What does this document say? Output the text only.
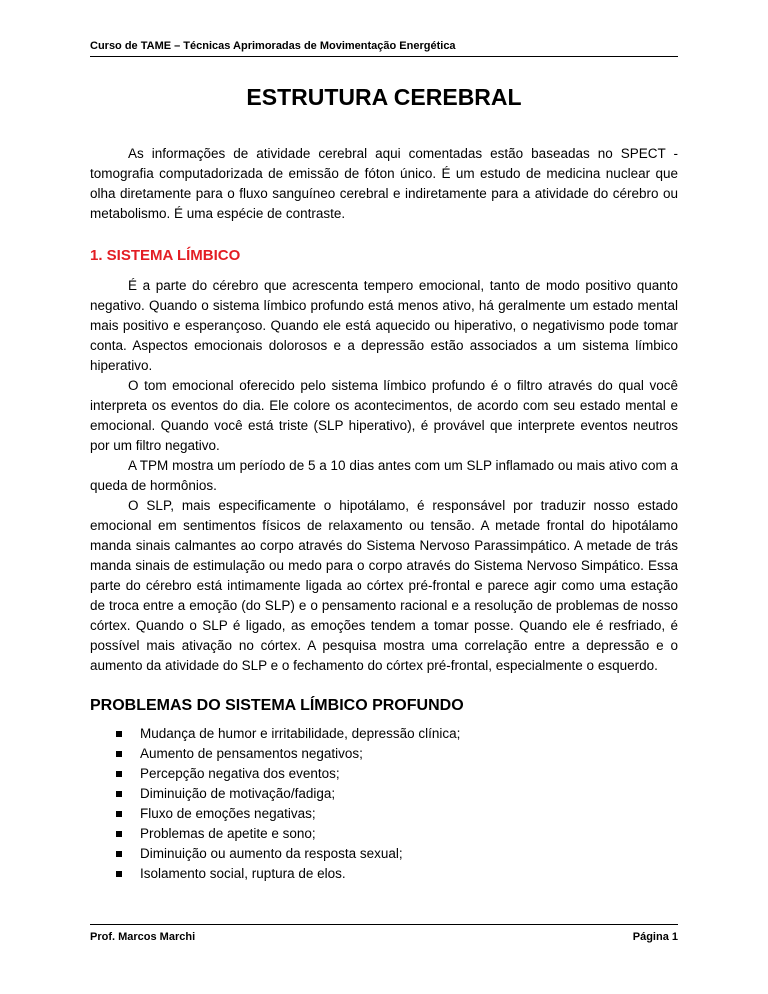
Curso de TAME – Técnicas Aprimoradas de Movimentação Energética
ESTRUTURA CEREBRAL

As informações de atividade cerebral aqui comentadas estão baseadas no SPECT - tomografia computadorizada de emissão de fóton único. É um estudo de medicina nuclear que olha diretamente para o fluxo sanguíneo cerebral e indiretamente para a atividade do cérebro ou metabolismo. É uma espécie de contraste.

1. SISTEMA LÍMBICO

É a parte do cérebro que acrescenta tempero emocional, tanto de modo positivo quanto negativo. Quando o sistema límbico profundo está menos ativo, há geralmente um estado mental mais positivo e esperançoso. Quando ele está aquecido ou hiperativo, o negativismo pode tomar conta. Aspectos emocionais dolorosos e a depressão estão associados a um sistema límbico hiperativo.

O tom emocional oferecido pelo sistema límbico profundo é o filtro através do qual você interpreta os eventos do dia. Ele colore os acontecimentos, de acordo com seu estado mental e emocional. Quando você está triste (SLP hiperativo), é provável que interprete eventos neutros por um filtro negativo.

A TPM mostra um período de 5 a 10 dias antes com um SLP inflamado ou mais ativo com a queda de hormônios.

O SLP, mais especificamente o hipotálamo, é responsável por traduzir nosso estado emocional em sentimentos físicos de relaxamento ou tensão. A metade frontal do hipotálamo manda sinais calmantes ao corpo através do Sistema Nervoso Parassimpático. A metade de trás manda sinais de estimulação ou medo para o corpo através do Sistema Nervoso Simpático. Essa parte do cérebro está intimamente ligada ao córtex pré-frontal e parece agir como uma estação de troca entre a emoção (do SLP) e o pensamento racional e a resolução de problemas de nosso córtex. Quando o SLP é ligado, as emoções tendem a tomar posse. Quando ele é resfriado, é possível mais ativação no córtex. A pesquisa mostra uma correlação entre a depressão e o aumento da atividade do SLP e o fechamento do córtex pré-frontal, especialmente o esquerdo.

PROBLEMAS DO SISTEMA LÍMBICO PROFUNDO
Mudança de humor e irritabilidade, depressão clínica;
Aumento de pensamentos negativos;
Percepção negativa dos eventos;
Diminuição de motivação/fadiga;
Fluxo de emoções negativas;
Problemas de apetite e sono;
Diminuição ou aumento da resposta sexual;
Isolamento social, ruptura de elos.
Prof. Marcos Marchi	Página 1
